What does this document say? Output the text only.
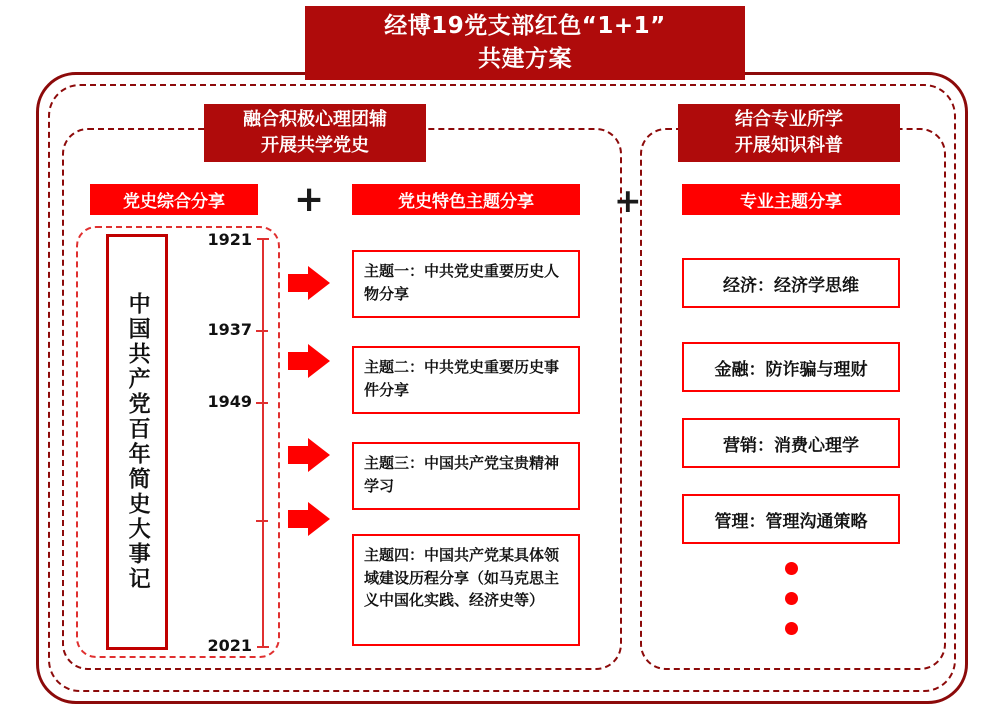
经博19党支部红色“1+1”
共建方案
融合积极心理团辅
开展共学党史
结合专业所学
开展知识科普
党史综合分享	党史特色主题分享	专业主题分享
+	+
中国共产党百年简史大事记
1921
1937
1949
2021
主题一：中共党史重要历史人物分享
主题二：中共党史重要历史事件分享
主题三：中国共产党宝贵精神学习
主题四：中国共产党某具体领域建设历程分享（如马克思主义中国化实践、经济史等）
经济：经济学思维
金融：防诈骗与理财
营销：消费心理学
管理：管理沟通策略
